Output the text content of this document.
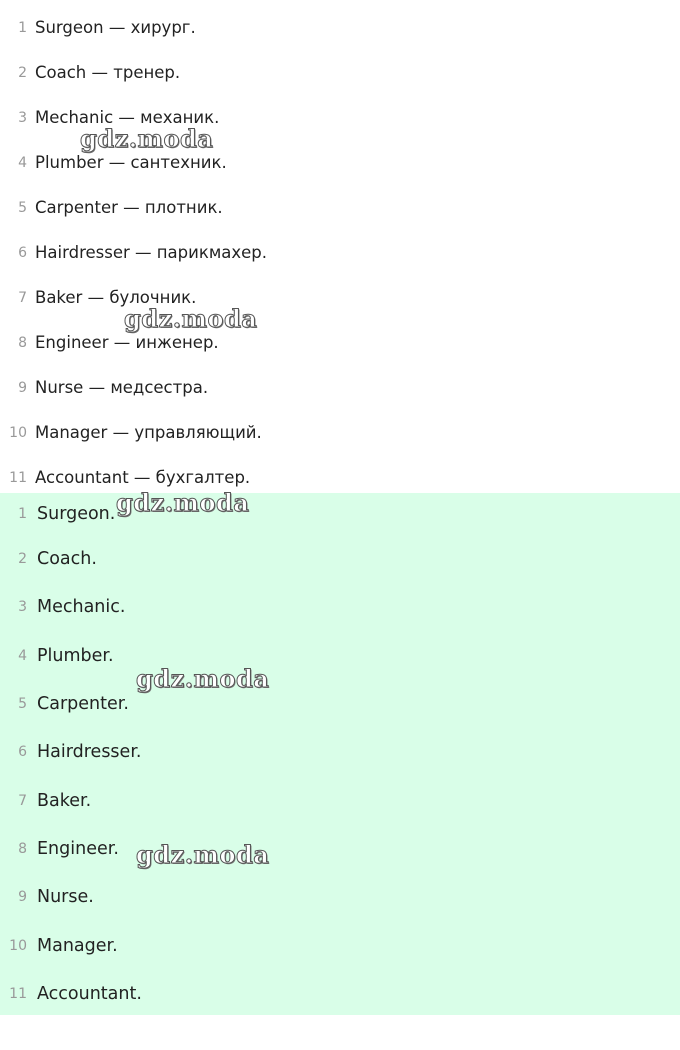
1 Surgeon — хирург.
2 Coach — тренер.
3 Mechanic — механик.
4 Plumber — сантехник.
5 Carpenter — плотник.
6 Hairdresser — парикмахер.
7 Baker — булочник.
8 Engineer — инженер.
9 Nurse — медсестра.
10 Manager — управляющий.
11 Accountant — бухгалтер.
1 Surgeon.
2 Coach.
3 Mechanic.
4 Plumber.
5 Carpenter.
6 Hairdresser.
7 Baker.
8 Engineer.
9 Nurse.
10 Manager.
11 Accountant.
gdz.moda
gdz.moda
gdz.moda
gdz.moda
gdz.moda
